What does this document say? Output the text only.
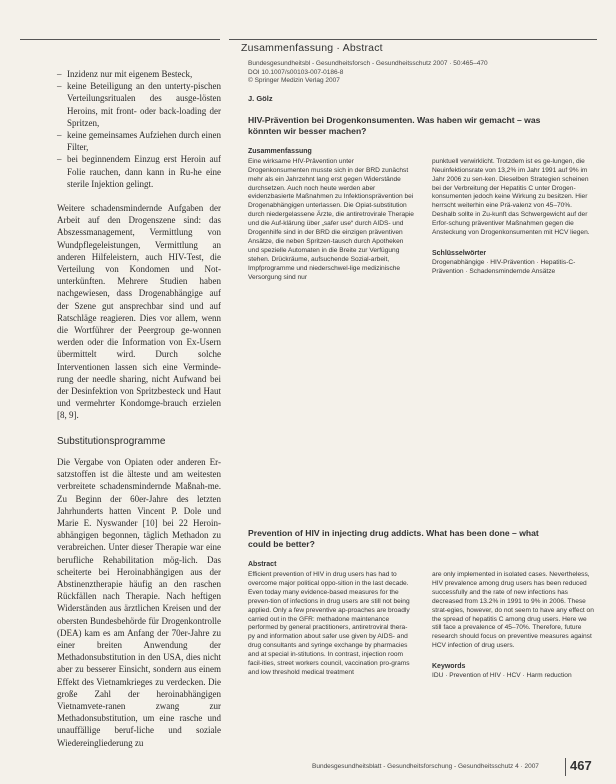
Zusammenfassung · Abstract
– Inzidenz nur mit eigenem Besteck,
– keine Beteiligung an den unterty-pischen Verteilungsritualen des ausge-lösten Heroins, mit front- oder back-loading der Spritzen,
– keine gemeinsames Aufziehen durch einen Filter,
– bei beginnendem Einzug erst Heroin auf Folie rauchen, dann kann in Ru-he eine sterile Injektion gelingt.

Weitere schadensmindernde Aufgaben der Arbeit auf den Drogenszene sind: das Abszessmanagement, Vermittlung von Wundpflegeleistungen, Vermittlung an anderen Hilfeleistern, auch HIV-Test, die Verteilung von Kondomen und Not-unterkünften. Mehrere Studien haben nachgewiesen, dass Drogenabhängige auf der Szene gut ansprechbar sind und auf Ratschläge reagieren. Dies vor allem, wenn die Wortführer der Peergroup ge-wonnen werden oder die Information von Ex-Usern übermittelt wird. Durch solche Interventionen lassen sich eine Verminde-rung der needle sharing, nicht Aufwand bei der Desinfektion von Spritzbesteck und Haut und vermehrter Kondomge-brauch erzielen [8, 9].

Substitutionsprogramme

Die Vergabe von Opiaten oder anderen Er-satzstoffen ist die älteste und am weitesten verbreitete schadensmindernde Maßnah-me. Zu Beginn der 60er-Jahre des letzten Jahrhunderts hatten Vincent P. Dole und Marie E. Nyswander [10] bei 22 Heroin-abhängigen begonnen, täglich Methadon zu verabreichen. Unter dieser Therapie war eine berufliche Rehabilitation mög-lich. Das scheiterte bei Heroinabhängigen aus der Abstinenztherapie häufig an den raschen Rückfällen nach Therapie. Nach heftigen Widerständen aus ärztlichen Kreisen und der obersten Bundesbehörde für Drogenkontrolle (DEA) kam es am Anfang der 70er-Jahre zu einer breiten Anwendung der Methadonsubstitution in den USA, dies nicht aber zu besserer Einsicht, sondern aus einem Effekt des Vietnamkrieges zu verdecken. Die große Zahl der heroinabhängigen Vietnamvete-ranen zwang zur Methadonsubstitution, um eine rasche und unauffällige beruf-liche und soziale Wiedereingliederung zu

Bundesgesundheitsbl - Gesundheitsforsch - Gesundheitsschutz 2007 · 50:465–470
DOI 10.1007/s00103-007-0186-8
© Springer Medizin Verlag 2007
J. Gölz
HIV-Prävention bei Drogenkonsumenten. Was haben wir gemacht – was könnten wir besser machen?
Zusammenfassung
Eine wirksame HIV-Prävention unter Drogenkonsumenten musste sich in der BRD zunächst mehr als ein Jahrzehnt lang erst gegen Widerstände durchsetzen. Auch noch heute werden aber evidenzbasierte Maßnahmen zu Infektionsprävention bei Drogenabhängigen unterlassen. Die Opiat-substitution durch niedergelassene Ärzte, die antiretrovirale Therapie und die Auf-klärung über „safer use“ durch AIDS- und Drogenhilfe sind in der BRD die einzigen präventiven Ansätze, die neben Spritzen-tausch durch Apotheken und spezielle Automaten in die Breite zur Verfügung stehen. Drückräume, aufsuchende Sozial-arbeit, Impfprogramme und niederschwel-lige medizinische Versorgung sind nur
punktuell verwirklicht. Trotzdem ist es ge-lungen, die Neuinfektionsrate von 13,2% im Jahr 1991 auf 9% im Jahr 2006 zu sen-ken. Dieselben Strategien scheinen bei der Verbreitung der Hepatitis C unter Drogen-konsumenten jedoch keine Wirkung zu besitzen. Hier herrscht weiterhin eine Prä-valenz von 45–70%. Deshalb sollte in Zu-kunft das Schwergewicht auf der Erfor-schung präventiver Maßnahmen gegen die Ansteckung von Drogenkonsumenten mit HCV liegen.
Schlüsselwörter
Drogenabhängige · HIV-Prävention · Hepatitis-C-Prävention · Schadensmindernde Ansätze
Prevention of HIV in injecting drug addicts. What has been done – what could be better?
Abstract
Efficient prevention of HIV in drug users has had to overcome major political oppo-sition in the last decade. Even today many evidence-based measures for the preven-tion of infections in drug users are still not being applied. Only a few preventive ap-proaches are broadly carried out in the GFR: methadone maintenance performed by general practitioners, antiretroviral thera-py and information about safer use given by AIDS- and drug consultants and syringe exchange by pharmacies and at special in-stitutions. In contrast, injection room facil-ities, street workers council, vaccination pro-grams and low threshold medical treatment
are only implemented in isolated cases. Nevertheless, HIV prevalence among drug users has been reduced successfully and the rate of new infections has decreased from 13.2% in 1991 to 9% in 2006. These strat-egies, however, do not seem to have any effect on the spread of hepatitis C among drug users. Here we still face a prevalence of 45–70%. Therefore, future research should focus on preventive measures against HCV infection of drug users.
Keywords
IDU · Prevention of HIV · HCV · Harm reduction
Bundesgesundheitsblatt - Gesundheitsforschung - Gesundheitsschutz 4 · 2007 467
